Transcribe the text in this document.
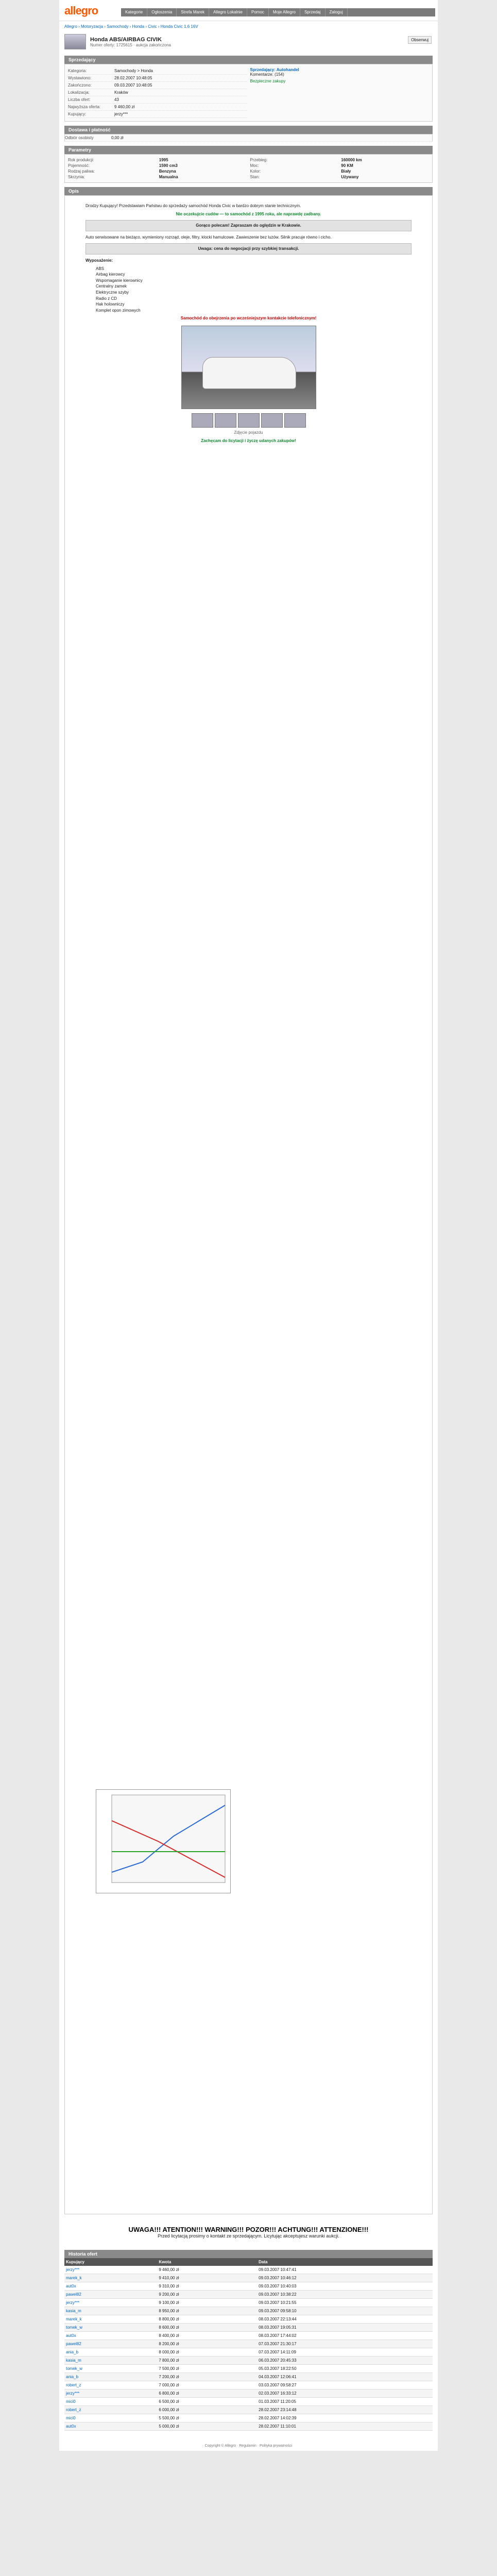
allegro	Kategorie	Ogłoszenia	Strefa Marek	Allegro Lokalnie	Pomoc	Moje Allegro	Sprzedaj	Zaloguj
Allegro › Motoryzacja › Samochody › Honda › Civic › Honda Civic 1.6 16V
Honda ABS/AIRBAG CIVIK
Numer oferty: 1725615 · aukcja zakończona
Obserwuj
Sprzedający
Kategoria:	Samochody > Honda
Wystawiono:	28.02.2007 10:48:05
Zakończono:	09.03.2007 10:48:05
Lokalizacja:	Kraków
Liczba ofert:	43
Najwyższa oferta:	9 460,00 zł
Kupujący:	jerzy***
Sprzedający: Autohandel
Komentarze: (154)
Bezpieczne zakupy
Dostawa i płatność
Odbiór osobisty	0,00 zł
Parametry
Rok produkcji:	1995	Przebieg:	160000 km
Pojemność:	1590 cm3	Moc:	90 KM
Rodzaj paliwa:	Benzyna	Kolor:	Biały
Skrzynia:	Manualna	Stan:	Używany
Opis

Drodzy Kupujący! Przedstawiam Państwu do sprzedaży samochód Honda Civic w bardzo dobrym stanie technicznym.

Nie oczekujcie cudów — to samochód z 1995 roku, ale naprawdę zadbany.

Gorąco polecam! Zapraszam do oględzin w Krakowie.

Auto serwisowane na bieżąco, wymieniony rozrząd, oleje, filtry, klocki hamulcowe. Zawieszenie bez luzów. Silnik pracuje równo i cicho.

Uwaga: cena do negocjacji przy szybkiej transakcji.

Wyposażenie:

ABS
Airbag kierowcy
Wspomaganie kierownicy
Centralny zamek
Elektryczne szyby
Radio z CD
Hak holowniczy
Komplet opon zimowych

Samochód do obejrzenia po wcześniejszym kontakcie telefonicznym!

Zdjęcie pojazdu

Zachęcam do licytacji i życzę udanych zakupów!

UWAGA!!! ATENTION!!! WARNING!!! POZOR!!! ACHTUNG!!! ATTENZIONE!!!
Przed licytacją prosimy o kontakt ze sprzedającym. Licytując akceptujesz warunki aukcji.
Historia ofert
Kupujący	Kwota	Data
jerzy***	9 460,00 zł	09.03.2007 10:47:41
marek_k	9 410,00 zł	09.03.2007 10:46:12
aut0x	9 310,00 zł	09.03.2007 10:40:03
pawel82	9 200,00 zł	09.03.2007 10:38:22
jerzy***	9 100,00 zł	09.03.2007 10:21:55
kasia_m	8 950,00 zł	09.03.2007 09:58:10
marek_k	8 800,00 zł	08.03.2007 22:13:44
tomek_w	8 600,00 zł	08.03.2007 19:05:31
aut0x	8 400,00 zł	08.03.2007 17:44:02
pawel82	8 200,00 zł	07.03.2007 21:30:17
ania_b	8 000,00 zł	07.03.2007 14:11:09
kasia_m	7 800,00 zł	06.03.2007 20:45:33
tomek_w	7 500,00 zł	05.03.2007 18:22:50
ania_b	7 200,00 zł	04.03.2007 12:06:41
robert_z	7 000,00 zł	03.03.2007 09:58:27
jerzy***	6 800,00 zł	02.03.2007 16:33:12
mici0	6 500,00 zł	01.03.2007 11:20:05
robert_z	6 000,00 zł	28.02.2007 23:14:48
mici0	5 500,00 zł	28.02.2007 14:02:39
aut0x	5 000,00 zł	28.02.2007 11:10:01
Copyright © Allegro · Regulamin · Polityka prywatności
